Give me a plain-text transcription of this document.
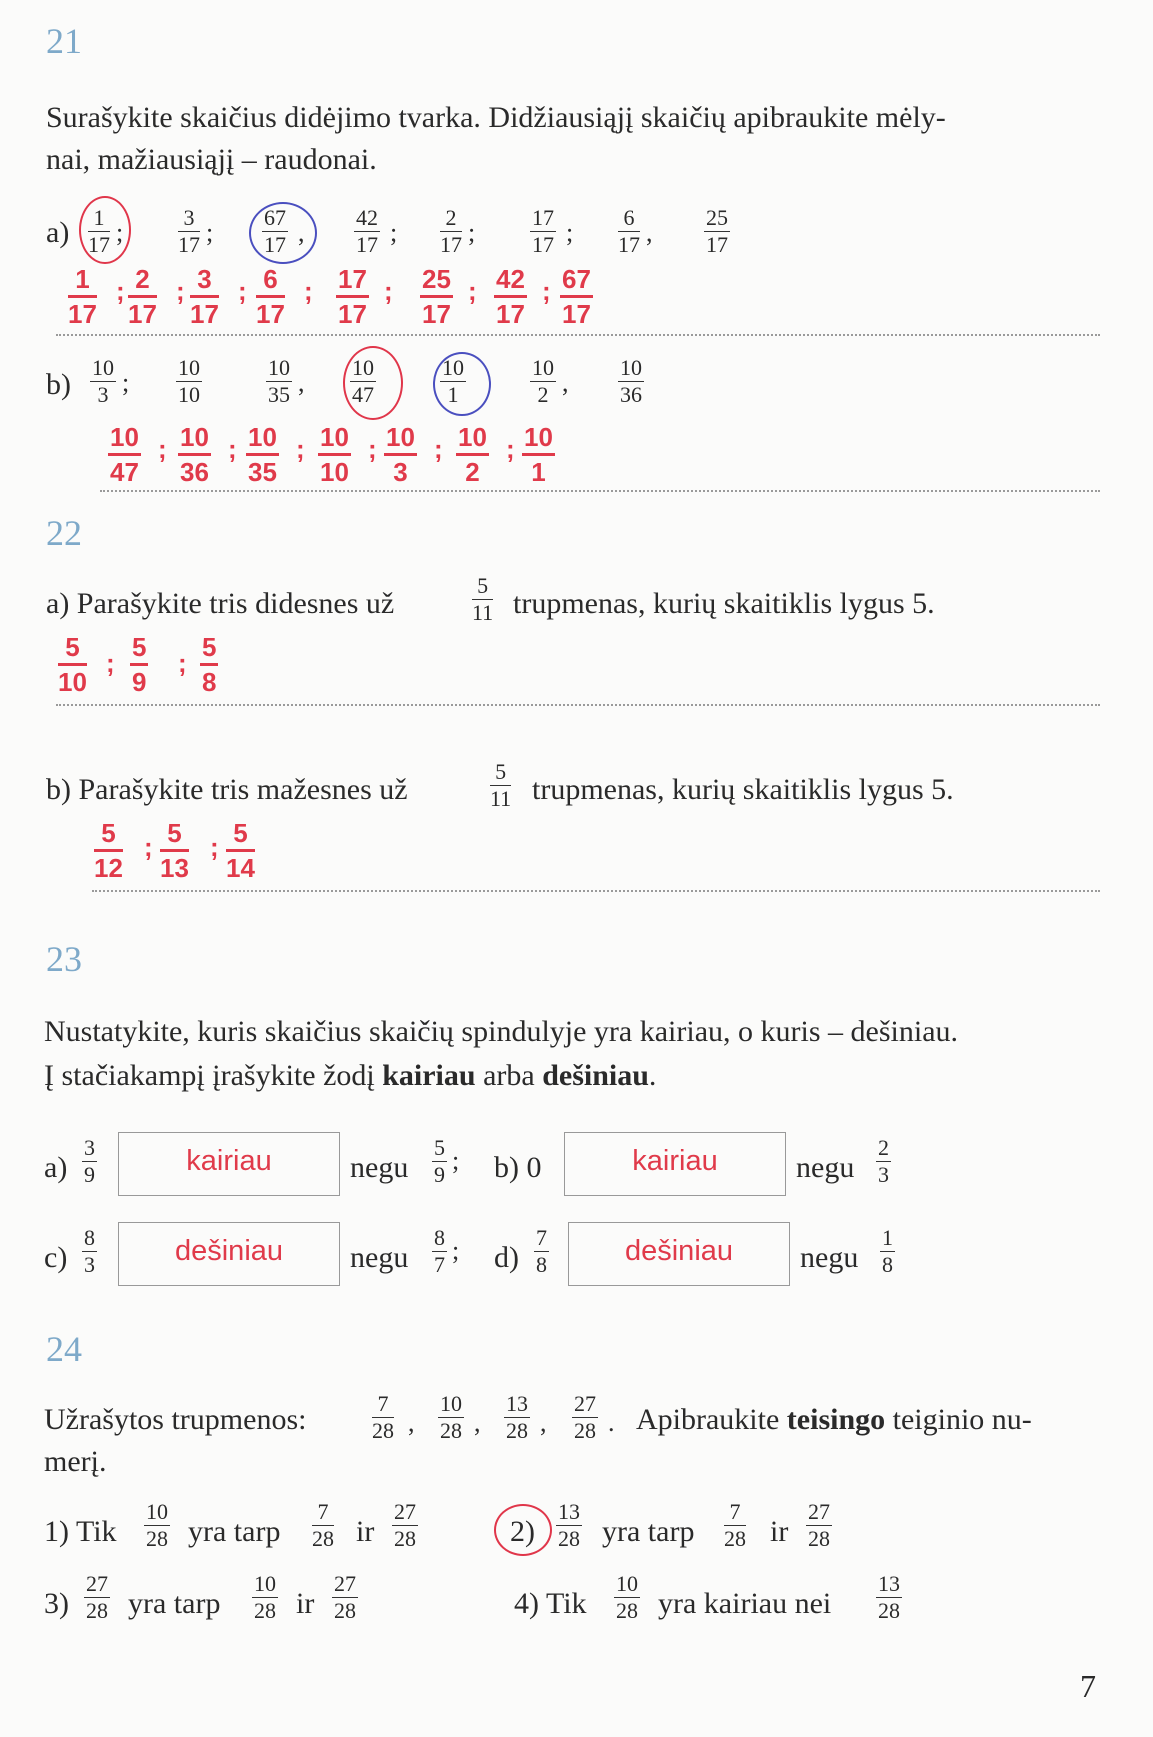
21
Surašykite skaičius didėjimo tvarka. Didžiausiąjį skaičių apibraukite mėly-
nai, mažiausiąjį – raudonai.
a) 1
17 ;
3
17 ;
67
17 ,
42
17 ;
2
17 ;
17
17 ;
6
17 ,
25
17
1
17
; 2
17
; 3
17
; 6
17
; 17
17
; 25
17
; 42
17
; 67
17
b)
10
3 ;
10
10
10
35 ,
10
47
10
1
10
2 ,
10
36
10
47
; 10
36
; 10
35
; 10
10
; 10
3
; 10
2
; 10
1
22
a) Parašykite tris didesnes už
5
11 trupmenas, kurių skaitiklis lygus 5.
5
10
;
5
9
;
5
8
b) Parašykite tris mažesnes už
5
11 trupmenas, kurių skaitiklis lygus 5.
5
12
; 5
13
; 5
14
23
Nustatykite, kuris skaičius skaičių spindulyje yra kairiau, o kuris – dešiniau.
Į stačiakampį įrašykite žodį kairiau arba dešiniau.
a)
3
9	kairiau	negu
5
9 ; b) 0	kairiau	negu
2
3
c)
8
3	dešiniau	negu
8
7 ; d)
7
8	dešiniau	negu
1
8
24
Užrašytos trupmenos:	7
28 ,
10
28 ,
13
28 ,
27
28 . Apibraukite teisingo teiginio nu-
merį.
1) Tik
10
28 yra tarp
7
28 ir
27
28	2)
13
28 yra tarp
7
28 ir
27
28
3)
27
28 yra tarp
10
28 ir
27
28	4) Tik
10
28 yra kairiau nei
13
28
7
